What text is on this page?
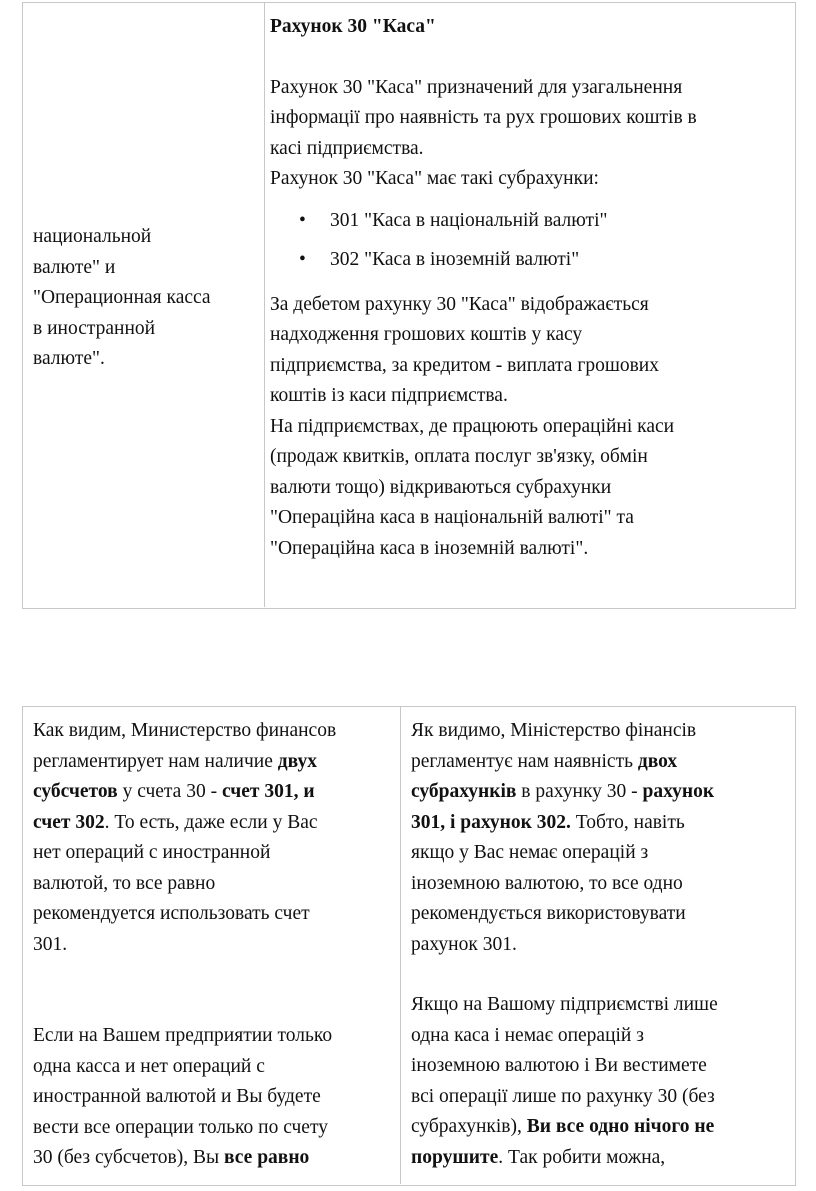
национальной

валюте" и

"Операционная касса

в иностранной

валюте".

Рахунок 30 "Каса"

Рахунок 30 "Каса" призначений для узагальнення

інформації про наявність та рух грошових коштів в

касі підприємства.

Рахунок 30 "Каса" має такі субрахунки:

• 301 "Каса в національній валюті"
• 302 "Каса в іноземній валюті"

За дебетом рахунку 30 "Каса" відображається

надходження грошових коштів у касу

підприємства, за кредитом - виплата грошових

коштів із каси підприємства.

На підприємствах, де працюють операційні каси

(продаж квитків, оплата послуг зв'язку, обмін

валюти тощо) відкриваються субрахунки

"Операційна каса в національній валюті" та

"Операційна каса в іноземній валюті".

Как видим, Министерство финансов

регламентирует нам наличие двух

субсчетов у счета 30 - счет 301, и

счет 302. То есть, даже если у Вас

нет операций с иностранной

валютой, то все равно

рекомендуется использовать счет

301.

Если на Вашем предприятии только

одна касса и нет операций с

иностранной валютой и Вы будете

вести все операции только по счету

30 (без субсчетов), Вы все равно

Як видимо, Міністерство фінансів

регламентує нам наявність двох

субрахунків в рахунку 30 - рахунок

301, і рахунок 302. Тобто, навіть

якщо у Вас немає операцій з

іноземною валютою, то все одно

рекомендується використовувати

рахунок 301.

Якщо на Вашому підприємстві лише

одна каса і немає операцій з

іноземною валютою і Ви вестимете

всі операції лише по рахунку 30 (без

субрахунків), Ви все одно нічого не

порушите. Так робити можна,
